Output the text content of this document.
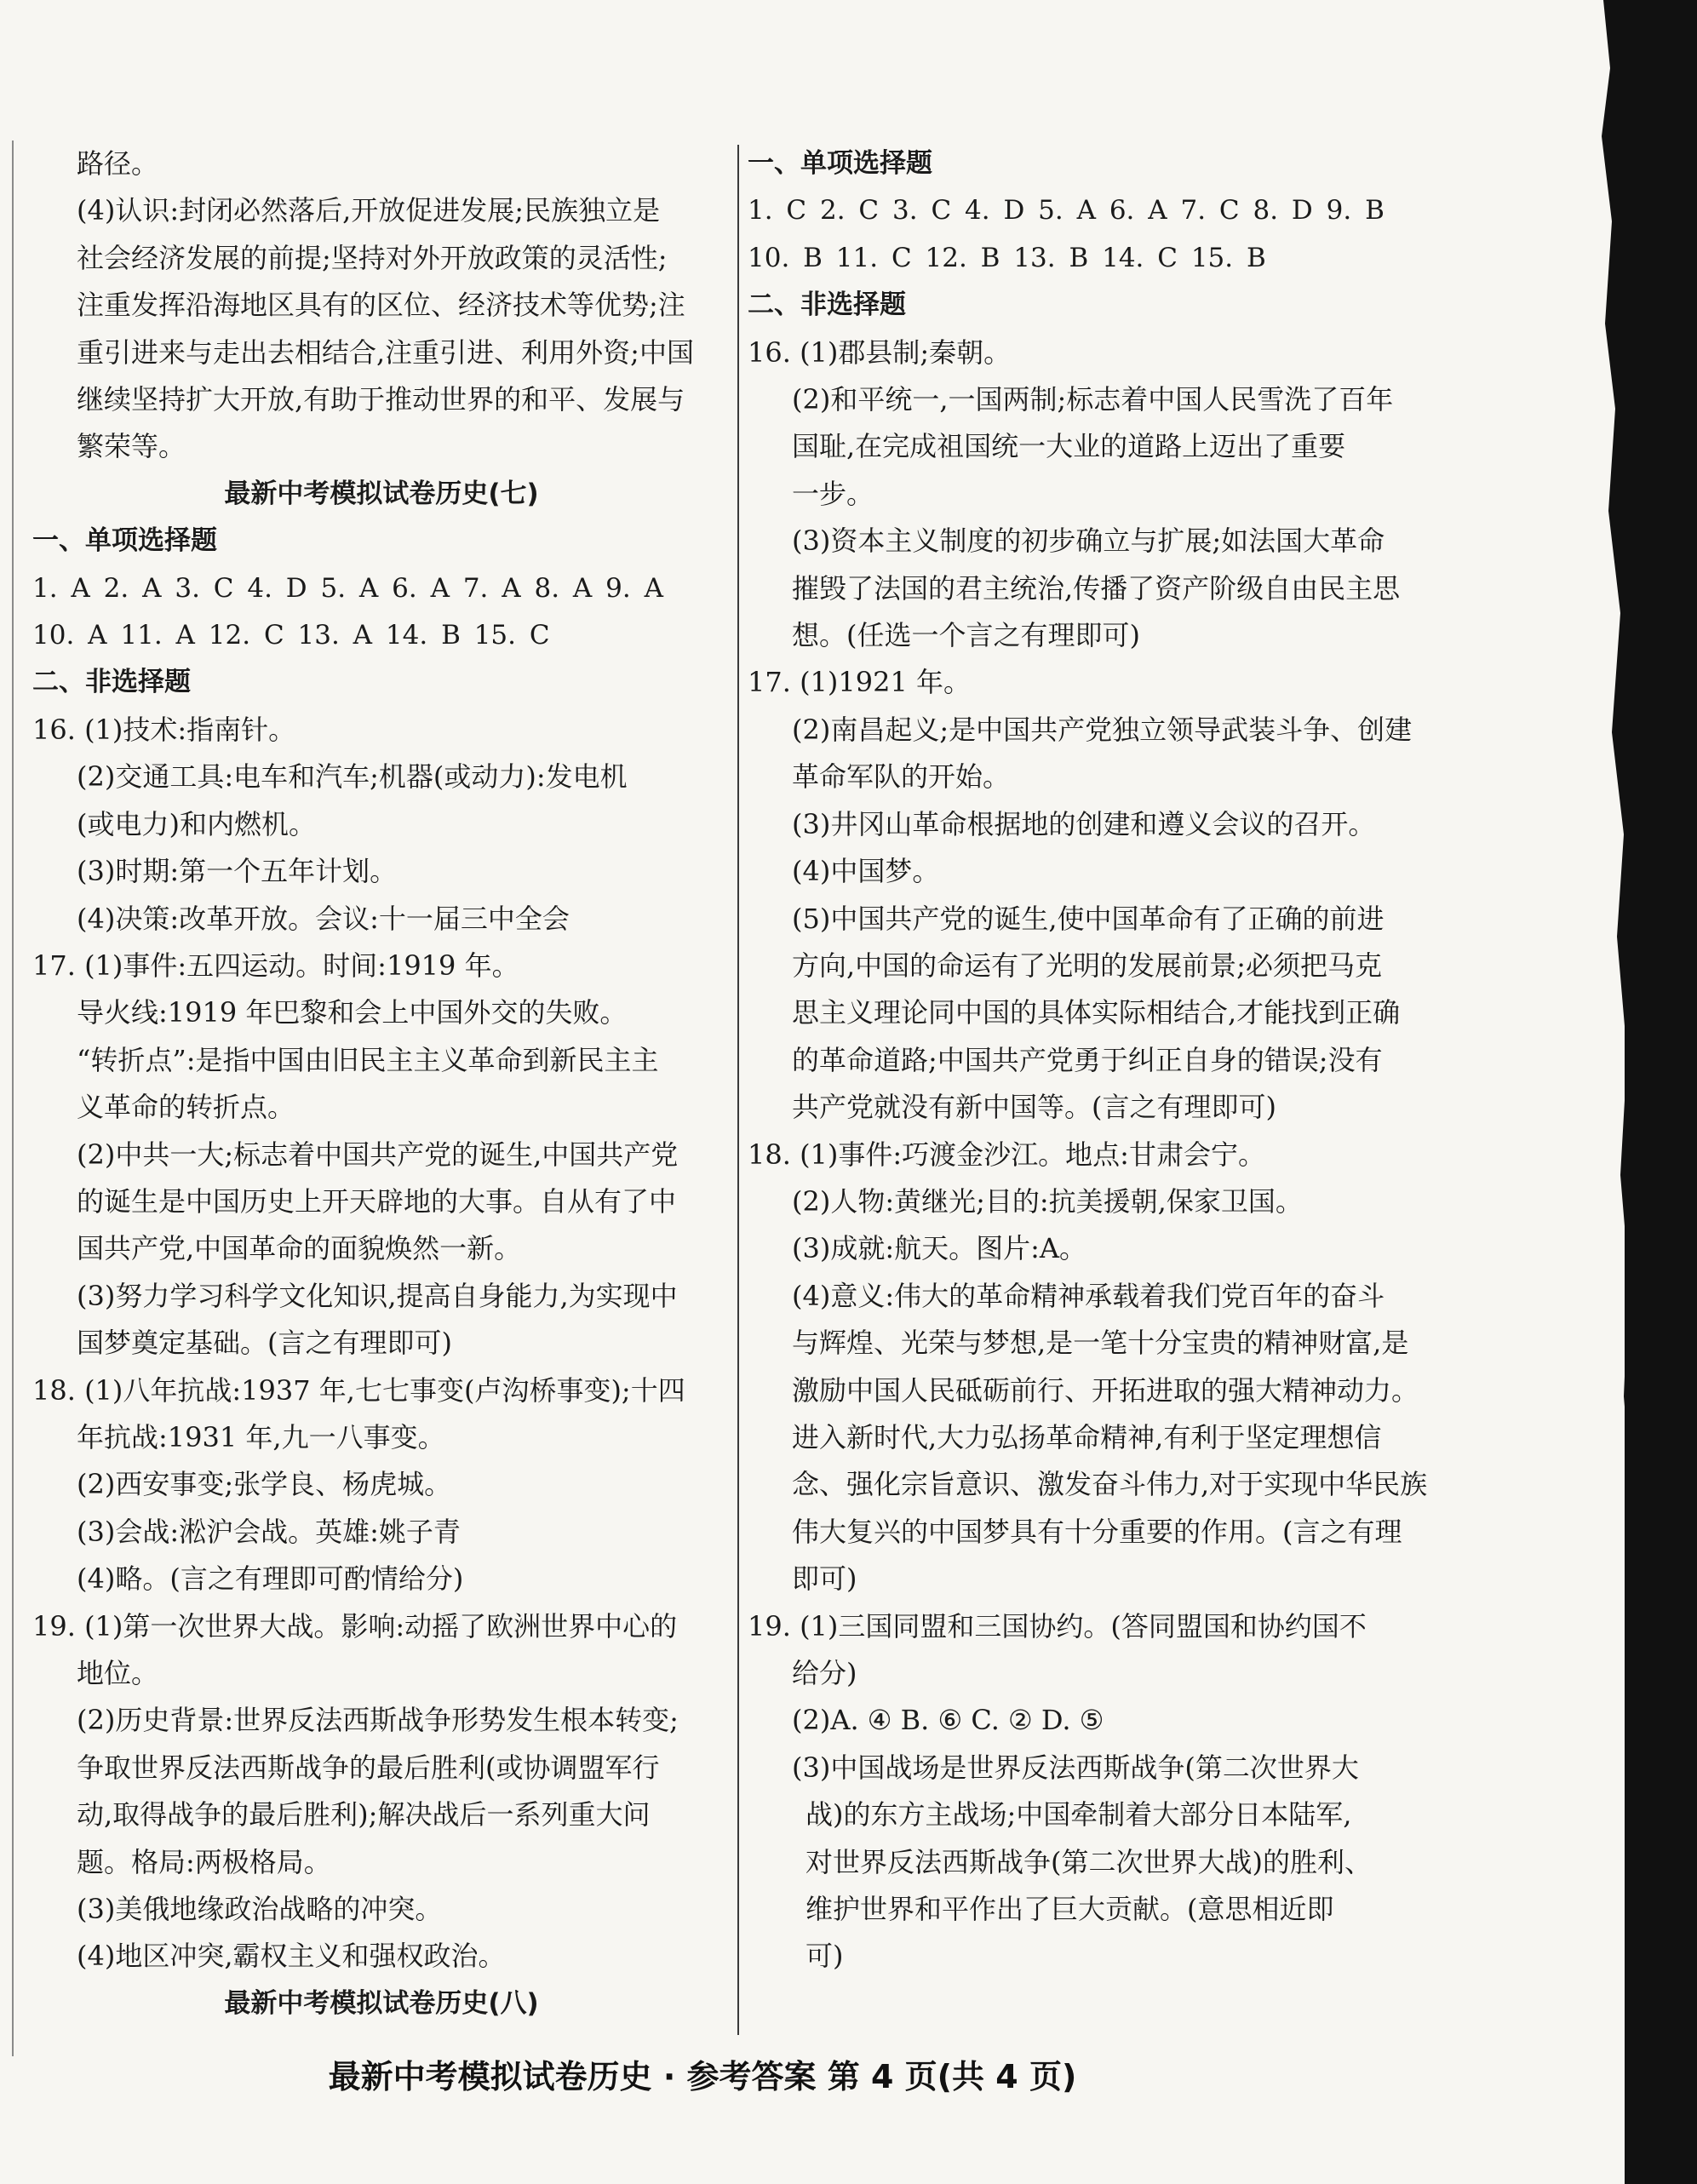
路径。
(4)认识:封闭必然落后,开放促进发展;民族独立是
社会经济发展的前提;坚持对外开放政策的灵活性;
注重发挥沿海地区具有的区位、经济技术等优势;注
重引进来与走出去相结合,注重引进、利用外资;中国
继续坚持扩大开放,有助于推动世界的和平、发展与
繁荣等。
最新中考模拟试卷历史(七)
一、单项选择题
1. A 2. A 3. C 4. D 5. A 6. A 7. A 8. A 9. A
10. A 11. A 12. C 13. A 14. B 15. C
二、非选择题
16. (1)技术:指南针。
(2)交通工具:电车和汽车;机器(或动力):发电机
(或电力)和内燃机。
(3)时期:第一个五年计划。
(4)决策:改革开放。会议:十一届三中全会
17. (1)事件:五四运动。时间:1919 年。
导火线:1919 年巴黎和会上中国外交的失败。
“转折点”:是指中国由旧民主主义革命到新民主主
义革命的转折点。
(2)中共一大;标志着中国共产党的诞生,中国共产党
的诞生是中国历史上开天辟地的大事。自从有了中
国共产党,中国革命的面貌焕然一新。
(3)努力学习科学文化知识,提高自身能力,为实现中
国梦奠定基础。(言之有理即可)
18. (1)八年抗战:1937 年,七七事变(卢沟桥事变);十四
年抗战:1931 年,九一八事变。
(2)西安事变;张学良、杨虎城。
(3)会战:淞沪会战。英雄:姚子青
(4)略。(言之有理即可酌情给分)
19. (1)第一次世界大战。影响:动摇了欧洲世界中心的
地位。
(2)历史背景:世界反法西斯战争形势发生根本转变;
争取世界反法西斯战争的最后胜利(或协调盟军行
动,取得战争的最后胜利);解决战后一系列重大问
题。格局:两极格局。
(3)美俄地缘政治战略的冲突。
(4)地区冲突,霸权主义和强权政治。
最新中考模拟试卷历史(八)
一、单项选择题
1. C 2. C 3. C 4. D 5. A 6. A 7. C 8. D 9. B
10. B 11. C 12. B 13. B 14. C 15. B
二、非选择题
16. (1)郡县制;秦朝。
(2)和平统一,一国两制;标志着中国人民雪洗了百年
国耻,在完成祖国统一大业的道路上迈出了重要
一步。
(3)资本主义制度的初步确立与扩展;如法国大革命
摧毁了法国的君主统治,传播了资产阶级自由民主思
想。(任选一个言之有理即可)
17. (1)1921 年。
(2)南昌起义;是中国共产党独立领导武装斗争、创建
革命军队的开始。
(3)井冈山革命根据地的创建和遵义会议的召开。
(4)中国梦。
(5)中国共产党的诞生,使中国革命有了正确的前进
方向,中国的命运有了光明的发展前景;必须把马克
思主义理论同中国的具体实际相结合,才能找到正确
的革命道路;中国共产党勇于纠正自身的错误;没有
共产党就没有新中国等。(言之有理即可)
18. (1)事件:巧渡金沙江。地点:甘肃会宁。
(2)人物:黄继光;目的:抗美援朝,保家卫国。
(3)成就:航天。图片:A。
(4)意义:伟大的革命精神承载着我们党百年的奋斗
与辉煌、光荣与梦想,是一笔十分宝贵的精神财富,是
激励中国人民砥砺前行、开拓进取的强大精神动力。
进入新时代,大力弘扬革命精神,有利于坚定理想信
念、强化宗旨意识、激发奋斗伟力,对于实现中华民族
伟大复兴的中国梦具有十分重要的作用。(言之有理
即可)
19. (1)三国同盟和三国协约。(答同盟国和协约国不
给分)
(2)A. ④ B. ⑥ C. ② D. ⑤
(3)中国战场是世界反法西斯战争(第二次世界大
战)的东方主战场;中国牵制着大部分日本陆军,
对世界反法西斯战争(第二次世界大战)的胜利、
维护世界和平作出了巨大贡献。(意思相近即
可)
最新中考模拟试卷历史 · 参考答案 第 4 页(共 4 页)
